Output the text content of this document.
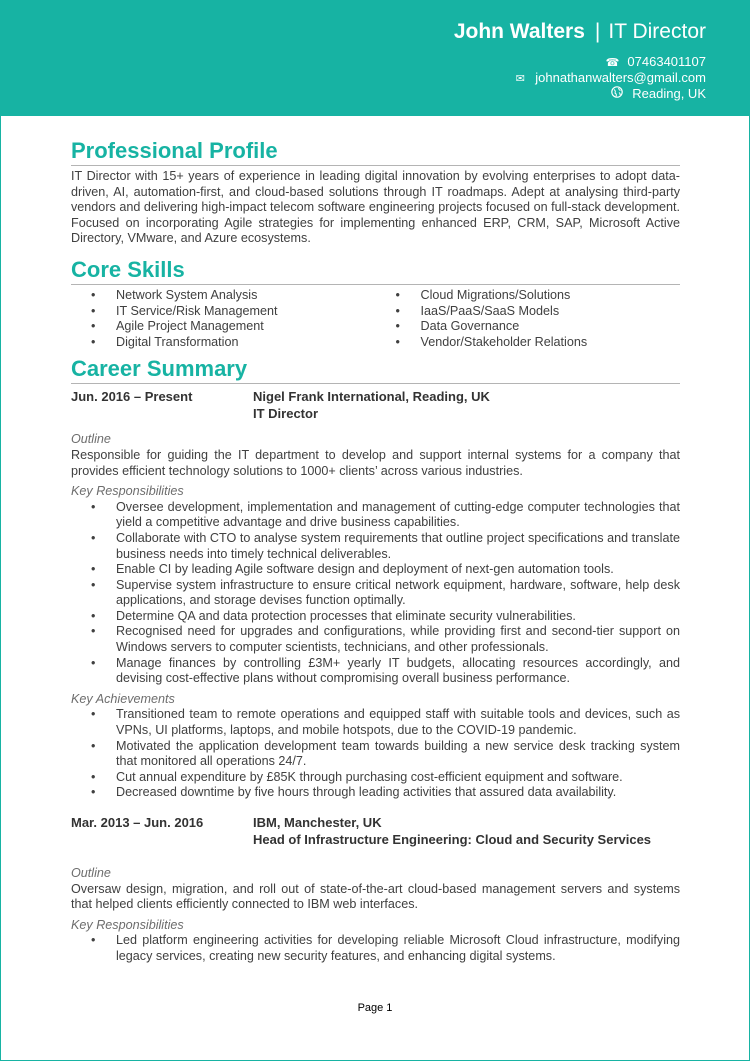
John Walters | IT Director
☎ 07463401107
✉ johnathanwalters@gmail.com
Reading, UK
Professional Profile

IT Director with 15+ years of experience in leading digital innovation by evolving enterprises to adopt data-driven, AI, automation-first, and cloud-based solutions through IT roadmaps. Adept at analysing third-party vendors and delivering high-impact telecom software engineering projects focused on full-stack development. Focused on incorporating Agile strategies for implementing enhanced ERP, CRM, SAP, Microsoft Active Directory, VMware, and Azure ecosystems.

Core Skills
• Network System Analysis
• IT Service/Risk Management
• Agile Project Management
• Digital Transformation
• Cloud Migrations/Solutions
• IaaS/PaaS/SaaS Models
• Data Governance
• Vendor/Stakeholder Relations
Career Summary
Jun. 2016 – Present	Nigel Frank International, Reading, UK
IT Director
Outline

Responsible for guiding the IT department to develop and support internal systems for a company that provides efficient technology solutions to 1000+ clients’ across various industries.

Key Responsibilities
• Oversee development, implementation and management of cutting-edge computer technologies that yield a competitive advantage and drive business capabilities.
• Collaborate with CTO to analyse system requirements that outline project specifications and translate business needs into timely technical deliverables.
• Enable CI by leading Agile software design and deployment of next-gen automation tools.
• Supervise system infrastructure to ensure critical network equipment, hardware, software, help desk applications, and storage devises function optimally.
• Determine QA and data protection processes that eliminate security vulnerabilities.
• Recognised need for upgrades and configurations, while providing first and second-tier support on Windows servers to computer scientists, technicians, and other professionals.
• Manage finances by controlling £3M+ yearly IT budgets, allocating resources accordingly, and devising cost-effective plans without compromising overall business performance.
Key Achievements
• Transitioned team to remote operations and equipped staff with suitable tools and devices, such as VPNs, UI platforms, laptops, and mobile hotspots, due to the COVID-19 pandemic.
• Motivated the application development team towards building a new service desk tracking system that monitored all operations 24/7.
• Cut annual expenditure by £85K through purchasing cost-efficient equipment and software.
• Decreased downtime by five hours through leading activities that assured data availability.
Mar. 2013 – Jun. 2016	IBM, Manchester, UK
Head of Infrastructure Engineering: Cloud and Security Services
Outline

Oversaw design, migration, and roll out of state-of-the-art cloud-based management servers and systems that helped clients efficiently connected to IBM web interfaces.

Key Responsibilities
• Led platform engineering activities for developing reliable Microsoft Cloud infrastructure, modifying legacy services, creating new security features, and enhancing digital systems.
Page 1
